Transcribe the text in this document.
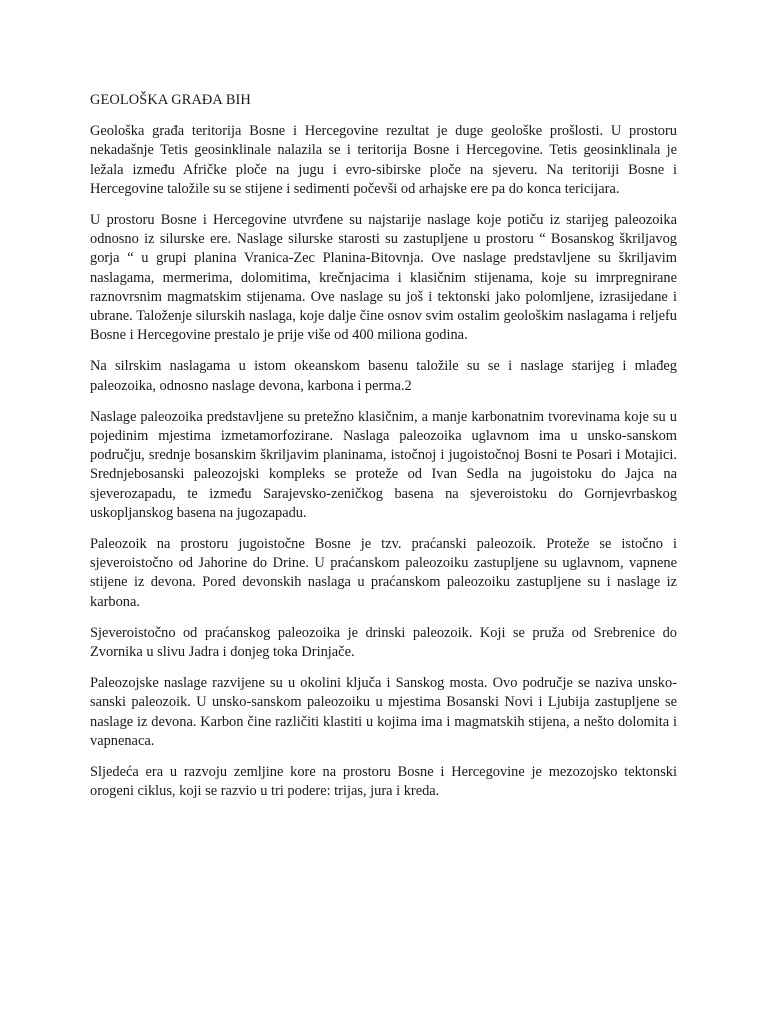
GEOLOŠKA GRAĐA BIH

Geološka građa teritorija Bosne i Hercegovine rezultat je duge geološke prošlosti. U prostoru nekadašnje Tetis geosinklinale nalazila se i teritorija Bosne i Hercegovine. Tetis geosinklinala je ležala između Afričke ploče na jugu i evro-sibirske ploče na sjeveru. Na teritoriji Bosne i Hercegovine taložile su se stijene i sedimenti počevši od arhajske ere pa do konca tericijara.

U prostoru Bosne i Hercegovine utvrđene su najstarije naslage koje potiču iz starijeg paleozoika odnosno iz silurske ere. Naslage silurske starosti su zastupljene u prostoru “ Bosanskog škriljavog gorja “ u grupi planina Vranica-Zec Planina-Bitovnja. Ove naslage predstavljene su škriljavim naslagama, mermerima, dolomitima, krečnjacima i klasičnim stijenama, koje su imrpregnirane raznovrsnim magmatskim stijenama. Ove naslage su još i tektonski jako polomljene, izrasijedane i ubrane. Taloženje silurskih naslaga, koje dalje čine osnov svim ostalim geološkim naslagama i reljefu Bosne i Hercegovine prestalo je prije više od 400 miliona godina.

Na silrskim naslagama u istom okeanskom basenu taložile su se i naslage starijeg i mlađeg paleozoika, odnosno naslage devona, karbona i perma.2

Naslage paleozoika predstavljene su pretežno klasičnim, a manje karbonatnim tvorevinama koje su u pojedinim mjestima izmetamorfozirane. Naslaga paleozoika uglavnom ima u unsko-sanskom području, srednje bosanskim škriljavim planinama, istočnoj i jugoistočnoj Bosni te Posari i Motajici. Srednjebosanski paleozojski kompleks se proteže od Ivan Sedla na jugoistoku do Jajca na sjeverozapadu, te između Sarajevsko-zeničkog basena na sjeveroistoku do Gornjevrbaskog uskopljanskog basena na jugozapadu.

Paleozoik na prostoru jugoistočne Bosne je tzv. praćanski paleozoik. Proteže se istočno i sjeveroistočno od Jahorine do Drine. U praćanskom paleozoiku zastupljene su uglavnom, vapnene stijene iz devona. Pored devonskih naslaga u praćanskom paleozoiku zastupljene su i naslage iz karbona.

Sjeveroistočno od praćanskog paleozoika je drinski paleozoik. Koji se pruža od Srebrenice do Zvornika u slivu Jadra i donjeg toka Drinjače.

Paleozojske naslage razvijene su u okolini ključa i Sanskog mosta. Ovo područje se naziva unsko-sanski paleozoik. U unsko-sanskom paleozoiku u mjestima Bosanski Novi i Ljubija zastupljene se naslage iz devona. Karbon čine različiti klastiti u kojima ima i magmatskih stijena, a nešto dolomita i vapnenaca.

Sljedeća era u razvoju zemljine kore na prostoru Bosne i Hercegovine je mezozojsko tektonski orogeni ciklus, koji se razvio u tri podere: trijas, jura i kreda.
